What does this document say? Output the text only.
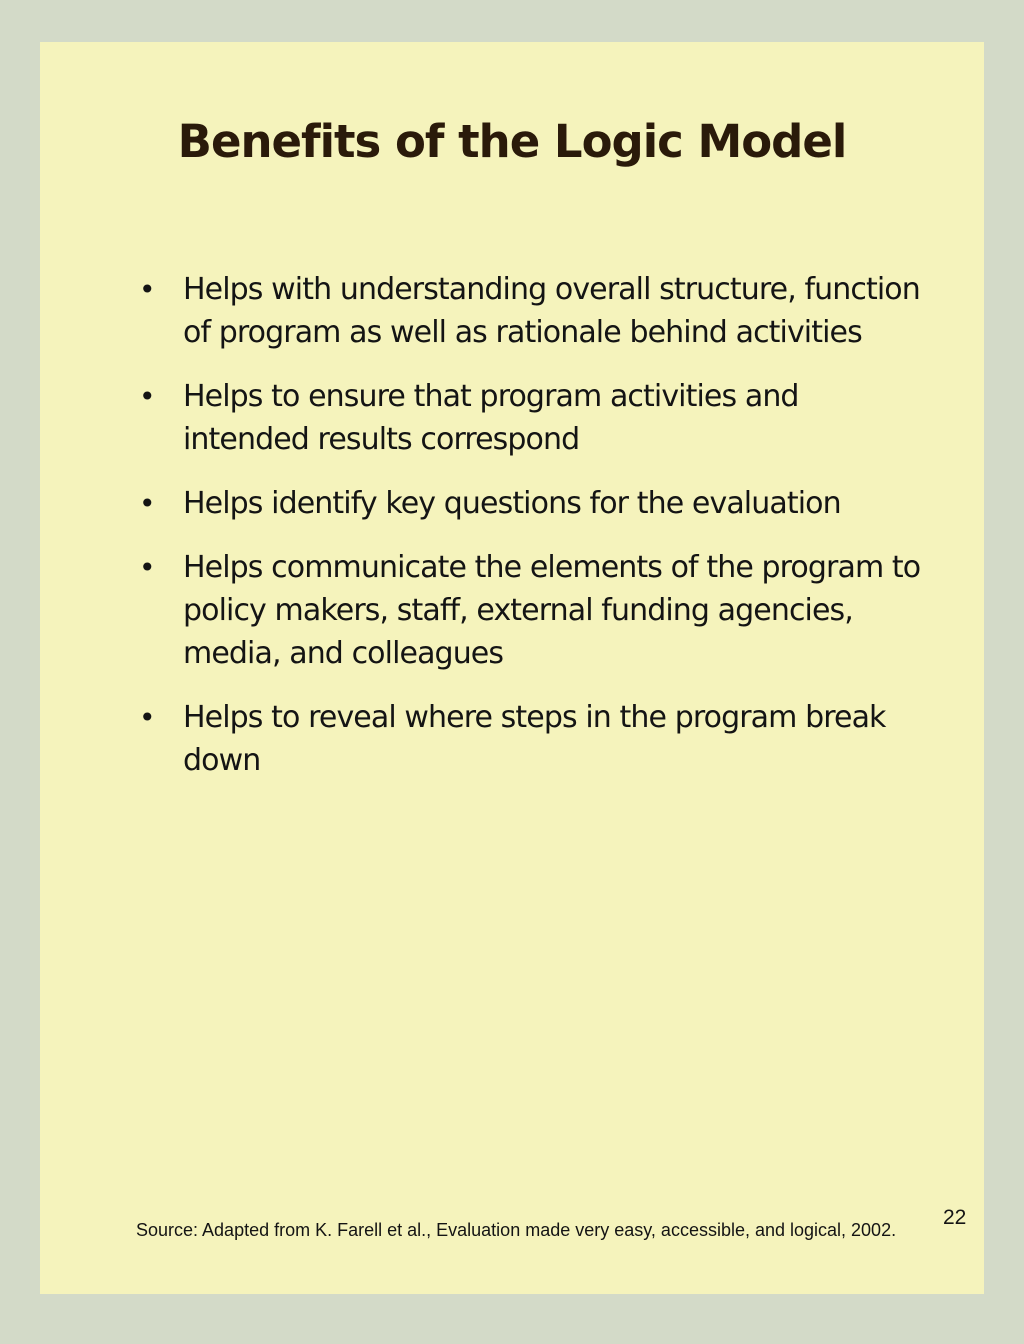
Benefits of the Logic Model
• Helps with understanding overall structure, function of program as well as rationale behind activities
• Helps to ensure that program activities and intended results correspond
• Helps identify key questions for the evaluation
• Helps communicate the elements of the program to policy makers, staff, external funding agencies, media, and colleagues
• Helps to reveal where steps in the program break down

Source: Adapted from K. Farell et al., Evaluation made very easy, accessible, and logical, 2002.

22
